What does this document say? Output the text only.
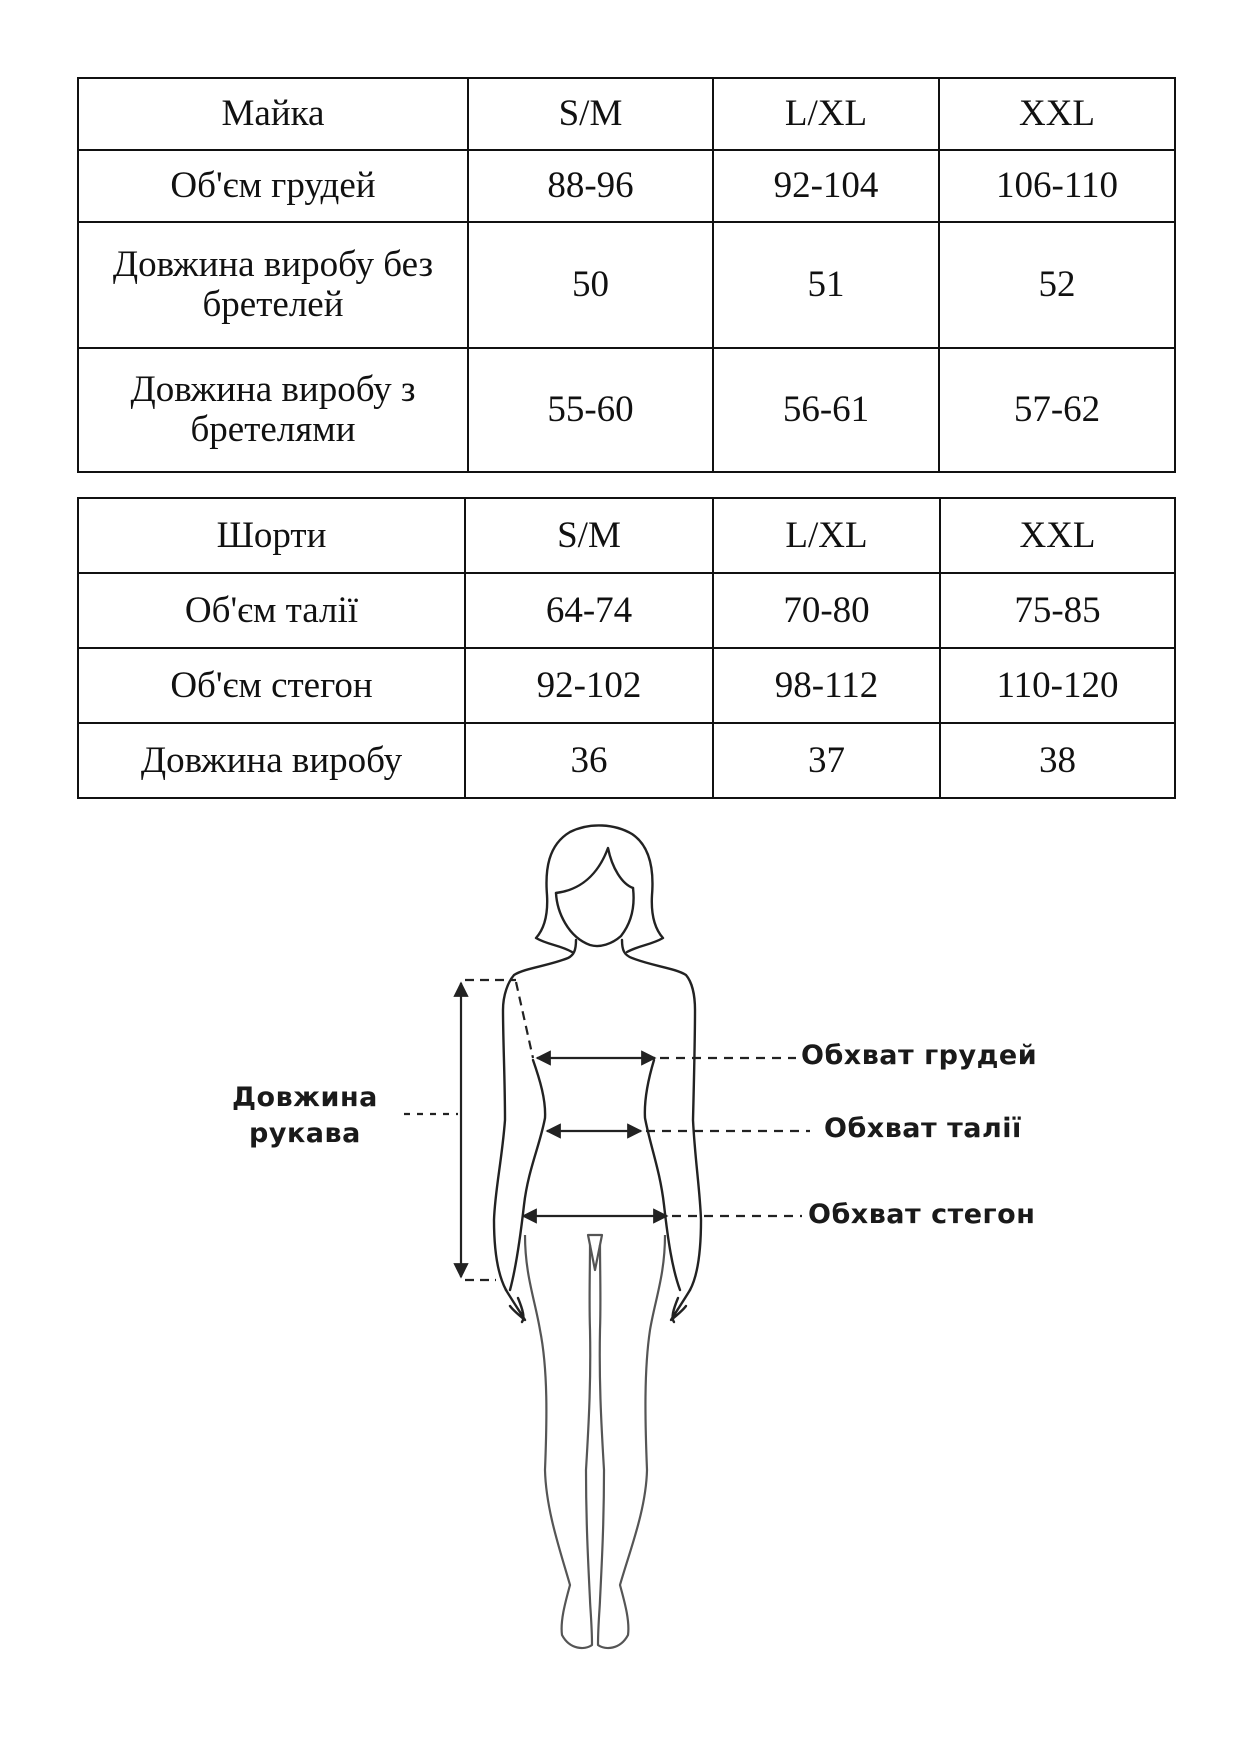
Майка	S/M	L/XL	XXL
Об'єм грудей	88-96	92-104	106-110
Довжина виробу без бретелей	50	51	52
Довжина виробу з бретелями	55-60	56-61	57-62
Шорти	S/M	L/XL	XXL
Об'єм талії	64-74	70-80	75-85
Об'єм стегон	92-102	98-112	110-120
Довжина виробу	36	37	38
Довжина
рукава
Обхват грудей
Обхват талії
Обхват стегон
